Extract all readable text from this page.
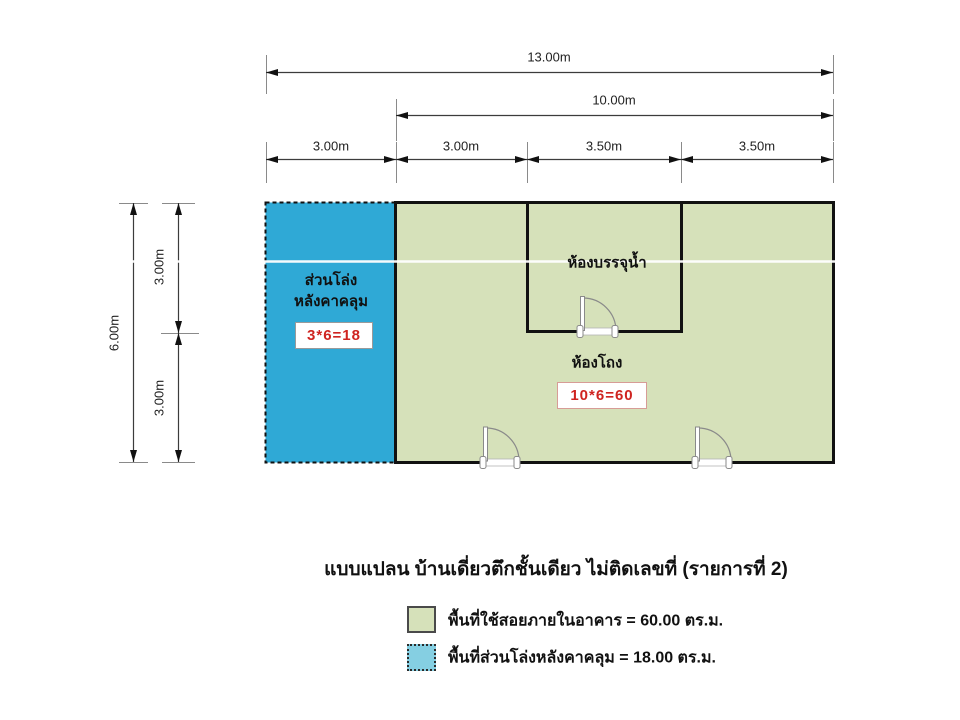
13.00m
10.00m
3.00m	3.00m	3.50m	3.50m
6.00m
3.00m
3.00m
ส่วนโล่ง
หลังคาคลุม
3*6=18
ห้องบรรจุน้ำ
ห้องโถง
10*6=60
แบบแปลน บ้านเดี่ยวตึกชั้นเดียว ไม่ติดเลขที่ (รายการที่ 2)
พื้นที่ใช้สอยภายในอาคาร = 60.00 ตร.ม.
พื้นที่ส่วนโล่งหลังคาคลุม = 18.00 ตร.ม.
